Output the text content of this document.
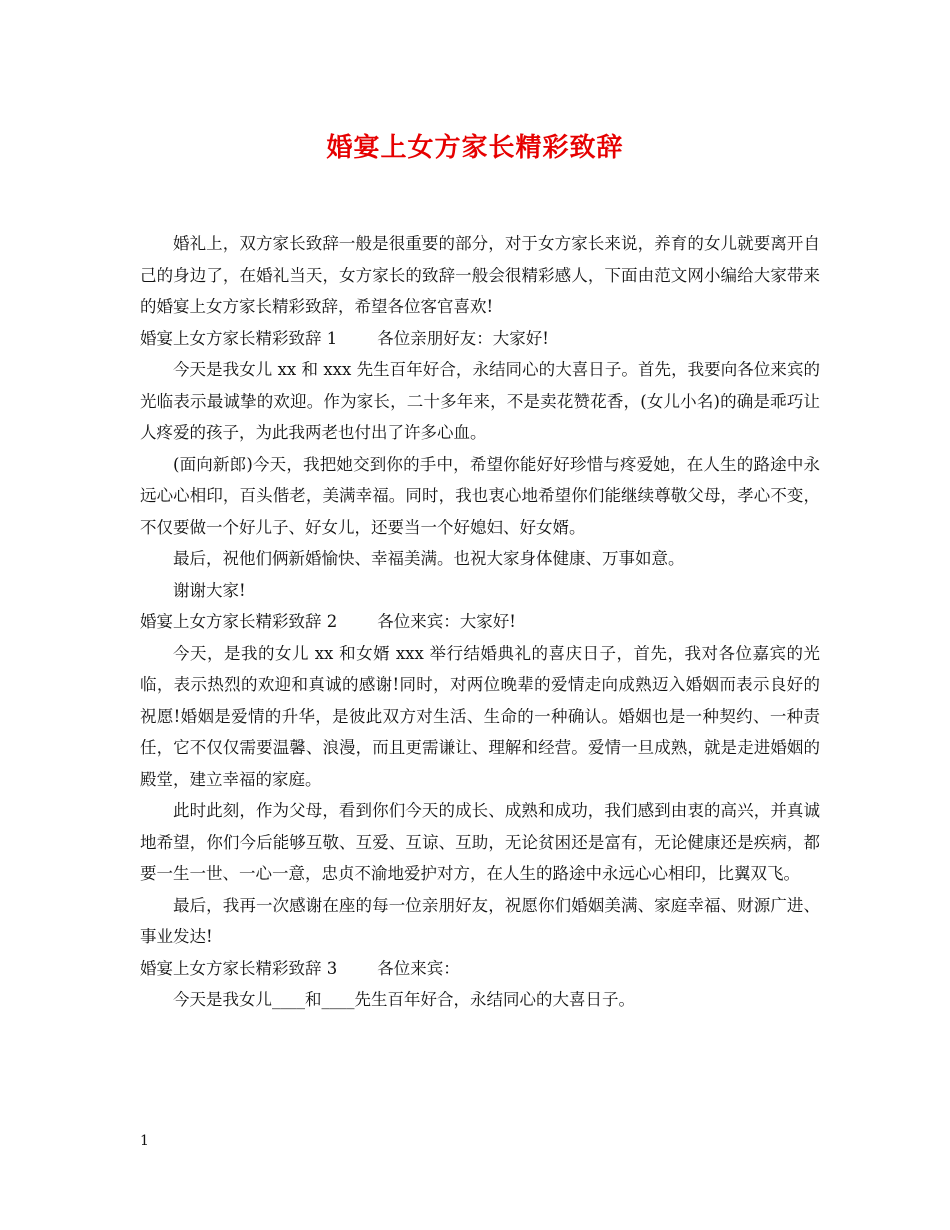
婚宴上女方家长精彩致辞

婚礼上，双方家长致辞一般是很重要的部分，对于女方家长来说，养育的女儿就要离开自己的身边了，在婚礼当天，女方家长的致辞一般会很精彩感人，下面由范文网小编给大家带来的婚宴上女方家长精彩致辞，希望各位客官喜欢!

婚宴上女方家长精彩致辞 1 各位亲朋好友：大家好!

今天是我女儿 xx 和 xxx 先生百年好合，永结同心的大喜日子。首先，我要向各位来宾的光临表示最诚挚的欢迎。作为家长，二十多年来，不是卖花赞花香，(女儿小名)的确是乖巧让人疼爱的孩子，为此我两老也付出了许多心血。

(面向新郎)今天，我把她交到你的手中，希望你能好好珍惜与疼爱她，在人生的路途中永远心心相印，百头偕老，美满幸福。同时，我也衷心地希望你们能继续尊敬父母，孝心不变，不仅要做一个好儿子、好女儿，还要当一个好媳妇、好女婿。

最后，祝他们俩新婚愉快、幸福美满。也祝大家身体健康、万事如意。

谢谢大家!

婚宴上女方家长精彩致辞 2 各位来宾：大家好!

今天，是我的女儿 xx 和女婿 xxx 举行结婚典礼的喜庆日子，首先，我对各位嘉宾的光临，表示热烈的欢迎和真诚的感谢!同时，对两位晚辈的爱情走向成熟迈入婚姻而表示良好的祝愿!婚姻是爱情的升华，是彼此双方对生活、生命的一种确认。婚姻也是一种契约、一种责任，它不仅仅需要温馨、浪漫，而且更需谦让、理解和经营。爱情一旦成熟，就是走进婚姻的殿堂，建立幸福的家庭。

此时此刻，作为父母，看到你们今天的成长、成熟和成功，我们感到由衷的高兴，并真诚地希望，你们今后能够互敬、互爱、互谅、互助，无论贫困还是富有，无论健康还是疾病，都要一生一世、一心一意，忠贞不渝地爱护对方，在人生的路途中永远心心相印，比翼双飞。

最后，我再一次感谢在座的每一位亲朋好友，祝愿你们婚姻美满、家庭幸福、财源广进、事业发达!

婚宴上女方家长精彩致辞 3 各位来宾：

今天是我女儿____和____先生百年好合，永结同心的大喜日子。

1
